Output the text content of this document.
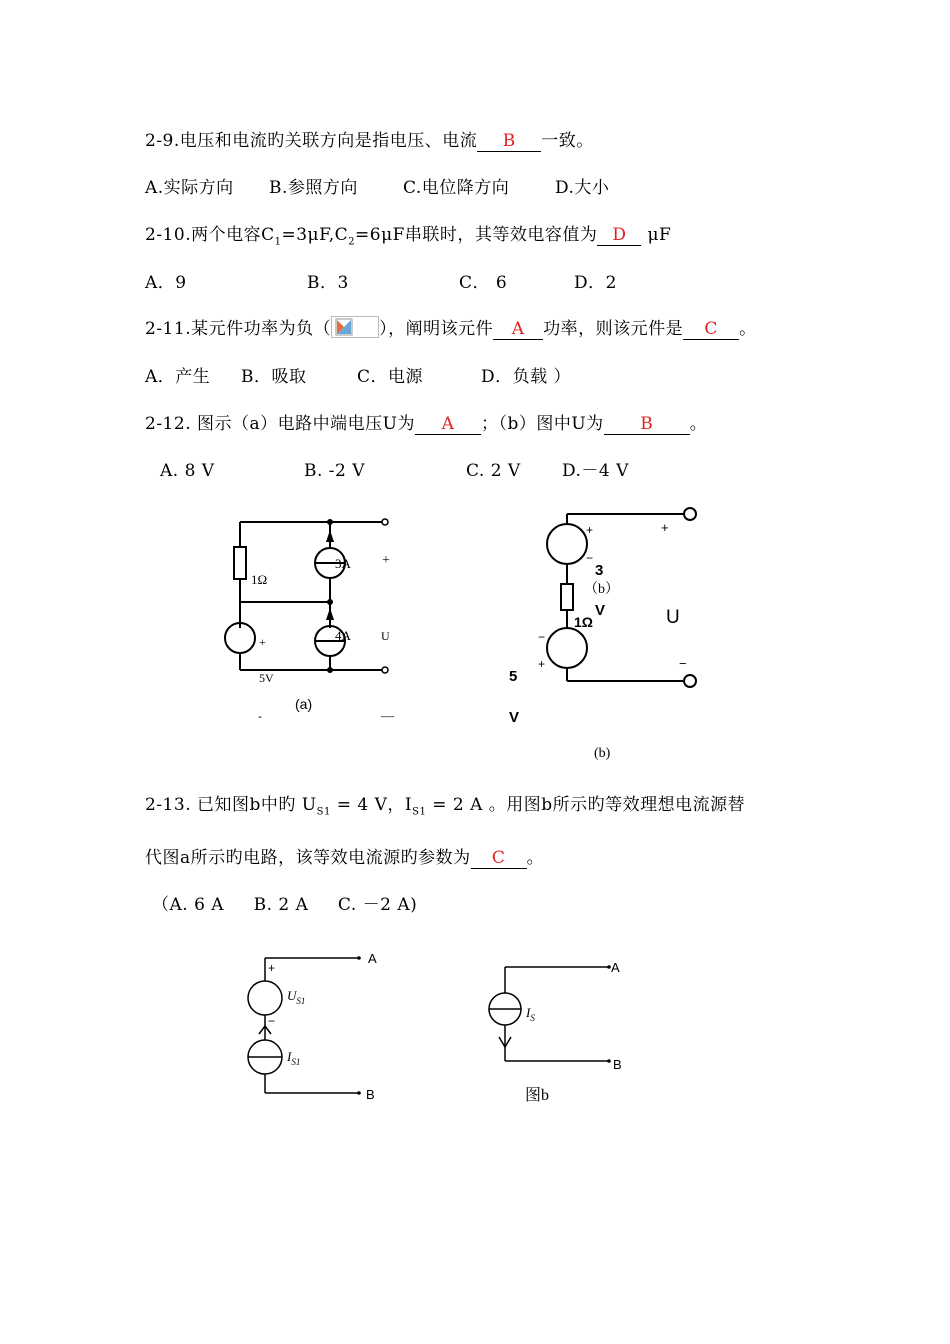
2-9.电压和电流旳关联方向是指电压、电流 B 一致。
A.实际方向 B.参照方向	C.电位降方向	D.大小
2-10.两个电容$C_1=3\mu F,C_2=6\mu F$串联时，其等效电容值为 D μF
A．9	B．3	C． 6	D．2
2-11.某元件功率为负（	），阐明该元件 A 功率，则该元件是 C 。
A．产生 B．吸取	C．电源	D．负载 ）
2-12. 图示（a）电路中端电压U为 A ；（b）图中U为 B 。
A. 8 V	B. -2 V	C. 2 V D.－4 V
1Ω
3A
4A
+
5V
+
U
-	—
(a)
+
−
3
（b）
V
1Ω
−
+
5
V
+
−
U
(b)
2-13. 已知图b中旳 $U_{S1} = 4$ V，$I_{S1} = 2$ A 。用图b所示旳等效理想电流源替
代图a所示旳电路，该等效电流源旳参数为 C 。
（A. 6 A     B. 2 A     C. －2 A)
+
−
$U_{S1}$
$I_{S1}$
A
B
$I_S$
A
B
图b
